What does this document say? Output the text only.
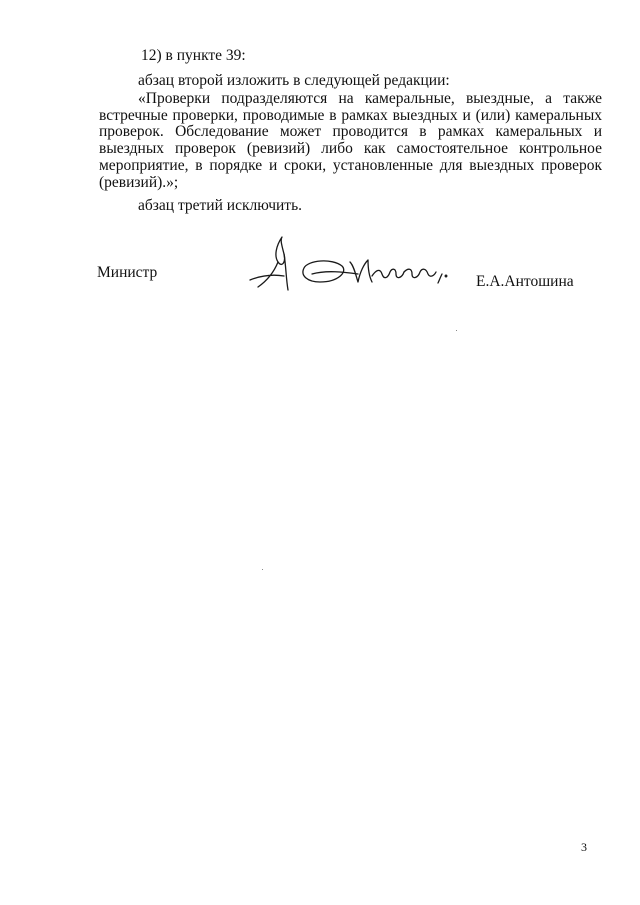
12) в пункте 39:
абзац второй изложить в следующей редакции:
«Проверки подразделяются на камеральные, выездные, а также
встречные проверки, проводимые в рамках выездных и (или) камеральных
проверок. Обследование может проводится в рамках камеральных и
выездных проверок (ревизий) либо как самостоятельное контрольное
мероприятие, в порядке и сроки, установленные для выездных проверок
(ревизий).»;
абзац третий исключить.
Министр
Е.А.Антошина
3
